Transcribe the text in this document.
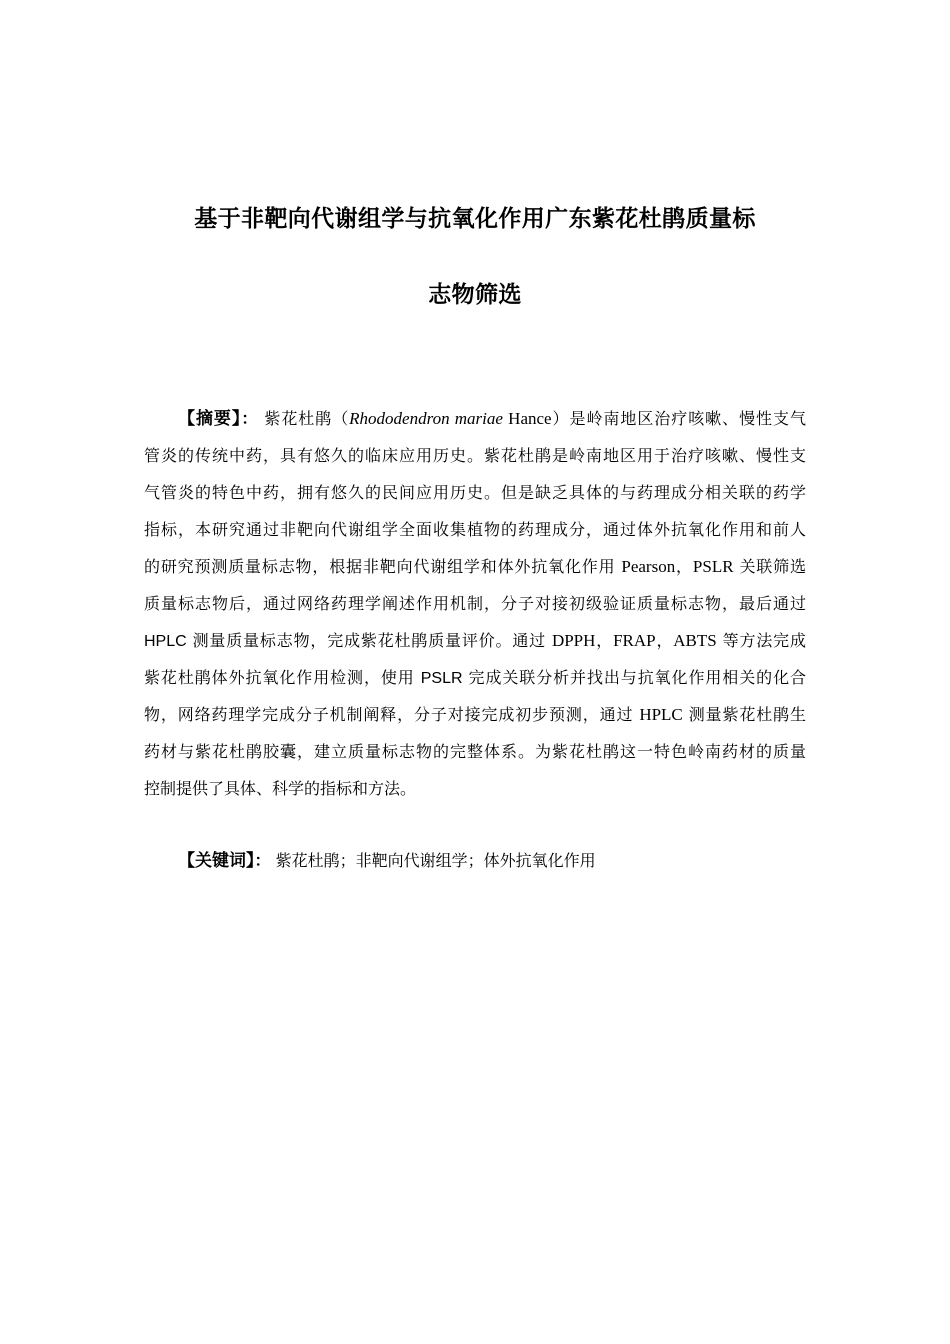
基于非靶向代谢组学与抗氧化作用广东紫花杜鹃质量标
志物筛选
【摘要】： 紫花杜鹃（Rhododendron mariae Hance）是岭南地区治疗咳嗽、慢性支气
管炎的传统中药，具有悠久的临床应用历史。紫花杜鹃是岭南地区用于治疗咳嗽、慢性支
气管炎的特色中药，拥有悠久的民间应用历史。但是缺乏具体的与药理成分相关联的药学
指标，本研究通过非靶向代谢组学全面收集植物的药理成分，通过体外抗氧化作用和前人
的研究预测质量标志物，根据非靶向代谢组学和体外抗氧化作用 Pearson，PSLR 关联筛选
质量标志物后，通过网络药理学阐述作用机制，分子对接初级验证质量标志物，最后通过
HPLC 测量质量标志物，完成紫花杜鹃质量评价。通过 DPPH，FRAP，ABTS 等方法完成
紫花杜鹃体外抗氧化作用检测，使用 PSLR 完成关联分析并找出与抗氧化作用相关的化合
物，网络药理学完成分子机制阐释，分子对接完成初步预测，通过 HPLC 测量紫花杜鹃生
药材与紫花杜鹃胶囊，建立质量标志物的完整体系。为紫花杜鹃这一特色岭南药材的质量
控制提供了具体、科学的指标和方法。
【关键词】： 紫花杜鹃；非靶向代谢组学；体外抗氧化作用
